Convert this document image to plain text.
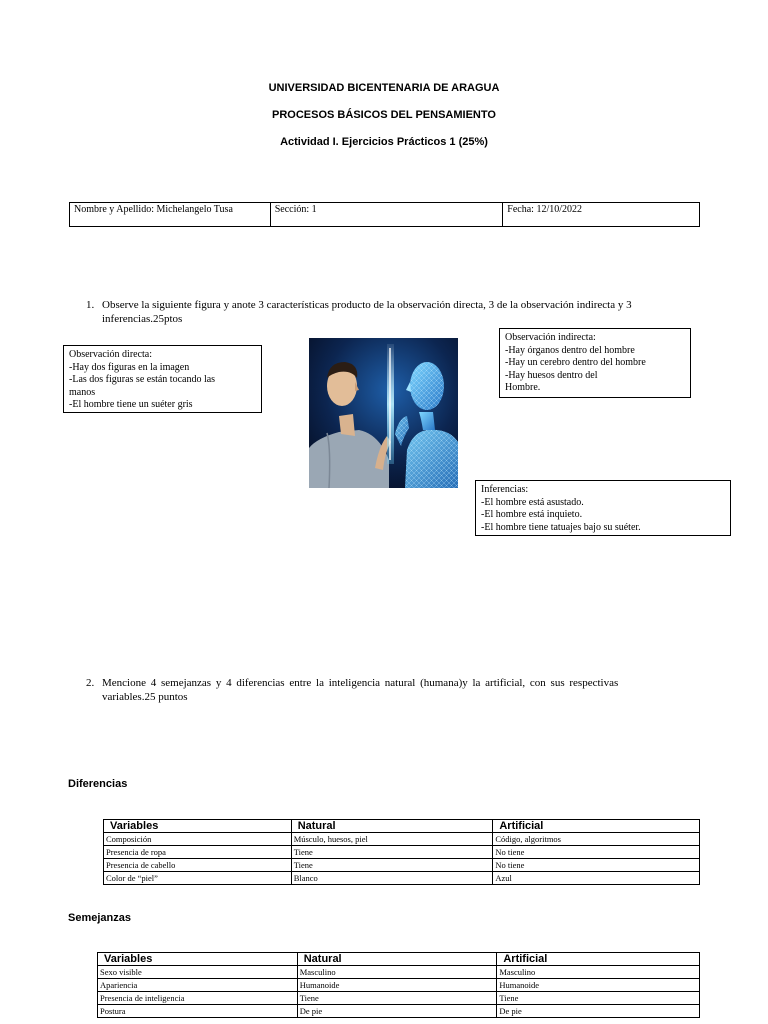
UNIVERSIDAD BICENTENARIA DE ARAGUA
PROCESOS BÁSICOS DEL PENSAMIENTO
Actividad I. Ejercicios Prácticos 1 (25%)
Nombre y Apellido: Michelangelo Tusa	Sección: 1	Fecha: 12/10/2022
1. Observe la siguiente figura y anote 3 características producto de la observación directa, 3 de la observación indirecta y 3
inferencias.25ptos
Observación directa:
-Hay dos figuras en la imagen
-Las dos figuras se están tocando las
manos
-El hombre tiene un suéter gris
Observación indirecta:
-Hay órganos dentro del hombre
-Hay un cerebro dentro del hombre
-Hay huesos dentro del
Hombre.
Inferencias:
-El hombre está asustado.
-El hombre está inquieto.
-El hombre tiene tatuajes bajo su suéter.
2. Mencione 4 semejanzas y 4 diferencias entre la inteligencia natural (humana)y la artificial, con sus respectivas
variables.25 puntos
Diferencias
Variables	Natural	Artificial
Composición	Músculo, huesos, piel	Código, algoritmos
Presencia de ropa	Tiene	No tiene
Presencia de cabello	Tiene	No tiene
Color de “piel”	Blanco	Azul
Semejanzas
Variables	Natural	Artificial
Sexo visible	Masculino	Masculino
Apariencia	Humanoide	Humanoide
Presencia de inteligencia	Tiene	Tiene
Postura	De pie	De pie
